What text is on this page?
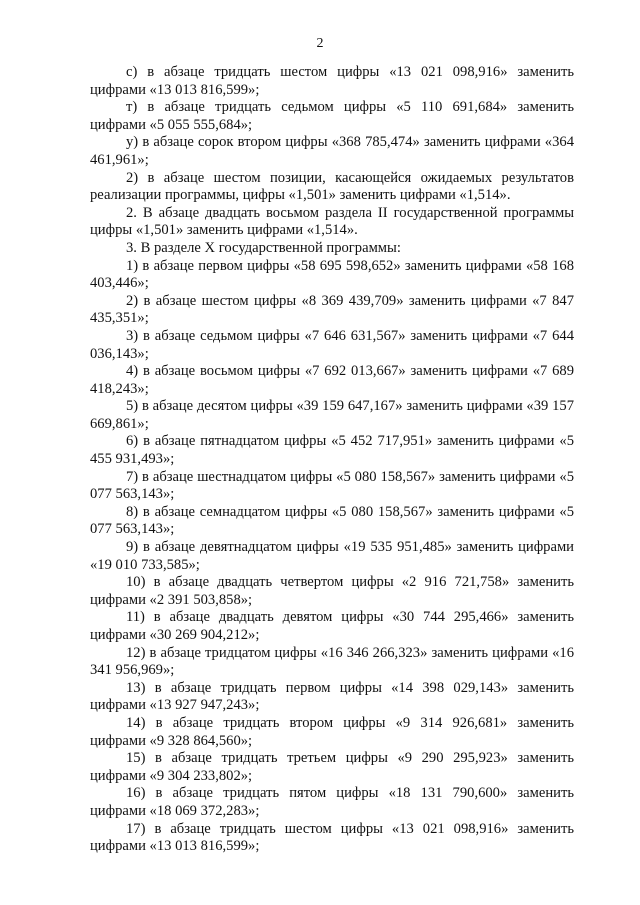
2

с) в абзаце тридцать шестом цифры «13 021 098,916» заменить цифрами «13 013 816,599»;

т) в абзаце тридцать седьмом цифры «5 110 691,684» заменить цифрами «5 055 555,684»;

у) в абзаце сорок втором цифры «368 785,474» заменить цифрами «364 461,961»;

2) в абзаце шестом позиции, касающейся ожидаемых результатов реализации программы, цифры «1,501» заменить цифрами «1,514».

2. В абзаце двадцать восьмом раздела II государственной программы цифры «1,501» заменить цифрами «1,514».

3. В разделе X государственной программы:

1) в абзаце первом цифры «58 695 598,652» заменить цифрами «58 168 403,446»;

2) в абзаце шестом цифры «8 369 439,709» заменить цифрами «7 847 435,351»;

3) в абзаце седьмом цифры «7 646 631,567» заменить цифрами «7 644 036,143»;

4) в абзаце восьмом цифры «7 692 013,667» заменить цифрами «7 689 418,243»;

5) в абзаце десятом цифры «39 159 647,167» заменить цифрами «39 157 669,861»;

6) в абзаце пятнадцатом цифры «5 452 717,951» заменить цифрами «5 455 931,493»;

7) в абзаце шестнадцатом цифры «5 080 158,567» заменить цифрами «5 077 563,143»;

8) в абзаце семнадцатом цифры «5 080 158,567» заменить цифрами «5 077 563,143»;

9) в абзаце девятнадцатом цифры «19 535 951,485» заменить цифрами «19 010 733,585»;

10) в абзаце двадцать четвертом цифры «2 916 721,758» заменить цифрами «2 391 503,858»;

11) в абзаце двадцать девятом цифры «30 744 295,466» заменить цифрами «30 269 904,212»;

12) в абзаце тридцатом цифры «16 346 266,323» заменить цифрами «16 341 956,969»;

13) в абзаце тридцать первом цифры «14 398 029,143» заменить цифрами «13 927 947,243»;

14) в абзаце тридцать втором цифры «9 314 926,681» заменить цифрами «9 328 864,560»;

15) в абзаце тридцать третьем цифры «9 290 295,923» заменить цифрами «9 304 233,802»;

16) в абзаце тридцать пятом цифры «18 131 790,600» заменить цифрами «18 069 372,283»;

17) в абзаце тридцать шестом цифры «13 021 098,916» заменить цифрами «13 013 816,599»;
